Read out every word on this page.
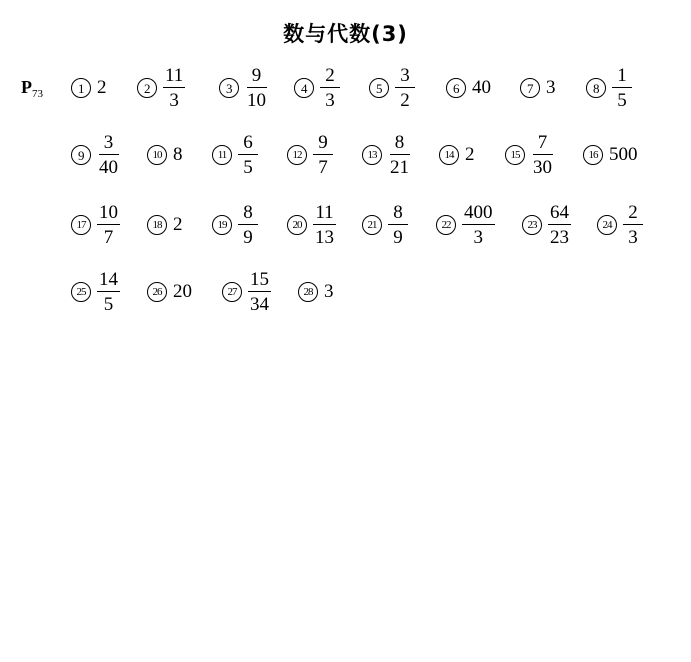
数与代数(3)
$P_{73}$	1 2	$2 \frac{11}{3}$	$3 \frac{9}{10}$	$4 \frac{2}{3}$	$5 \frac{3}{2}$	6 40	7 3	$8 \frac{1}{5}$
$9 \frac{3}{40}$	10 8	$11 \frac{6}{5}$	$12 \frac{9}{7}$	$13 \frac{8}{21}$	14 2	$15 \frac{7}{30}$	16 500
$17 \frac{10}{7}$	18 2	$19 \frac{8}{9}$	$20 \frac{11}{13}$	$21 \frac{8}{9}$	$22 \frac{400}{3}$	$23 \frac{64}{23}$	$24 \frac{2}{3}$
$25 \frac{14}{5}$	26 20	$27 \frac{15}{34}$	28 3
